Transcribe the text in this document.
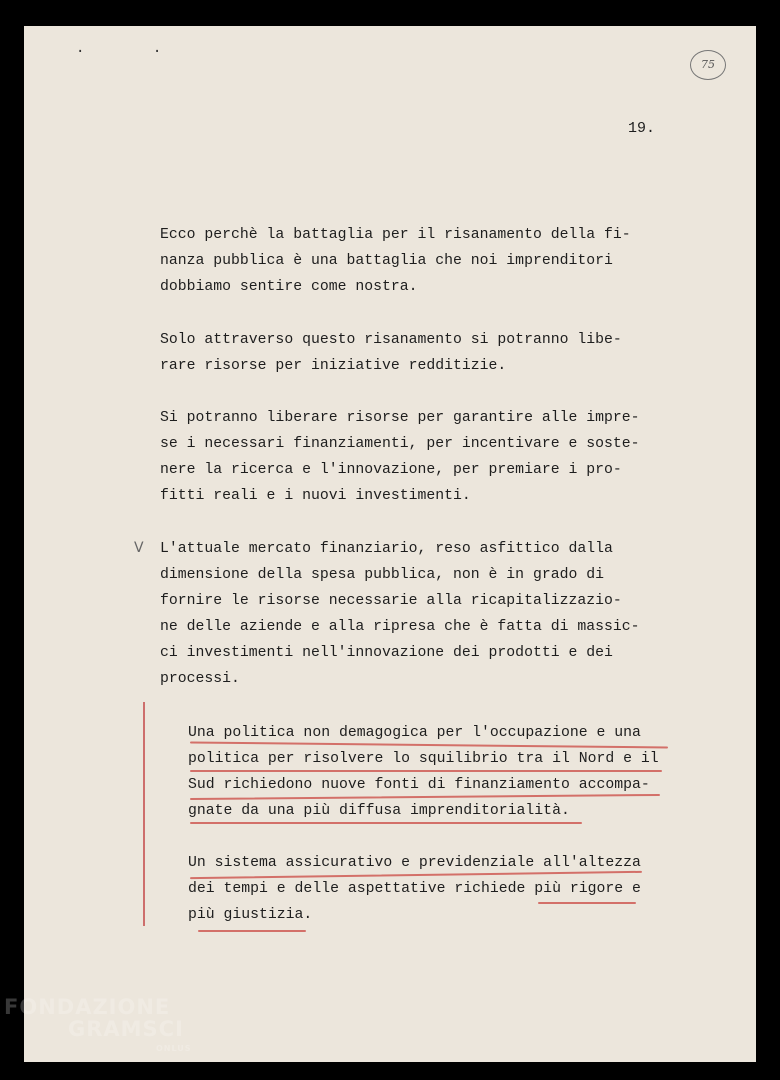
. .
75
19.
V
Ecco perchè la battaglia per il risanamento della fi-
nanza pubblica è una battaglia che noi imprenditori
dobbiamo sentire come nostra.
Solo attraverso questo risanamento si potranno libe-
rare risorse per iniziative redditizie.
Si potranno liberare risorse per garantire alle impre-
se i necessari finanziamenti, per incentivare e soste-
nere la ricerca e l'innovazione, per premiare i pro-
fitti reali e i nuovi investimenti.
L'attuale mercato finanziario, reso asfittico dalla
dimensione della spesa pubblica, non è in grado di
fornire le risorse necessarie alla ricapitalizzazio-
ne delle aziende e alla ripresa che è fatta di massic-
ci investimenti nell'innovazione dei prodotti e dei
processi.
Una politica non demagogica per l'occupazione e una
politica per risolvere lo squilibrio tra il Nord e il
Sud richiedono nuove fonti di finanziamento accompa-
gnate da una più diffusa imprenditorialità.
Un sistema assicurativo e previdenziale all'altezza
dei tempi e delle aspettative richiede più rigore e
più giustizia.
FONDAZIONE
GRAMSCI
ONLUS
